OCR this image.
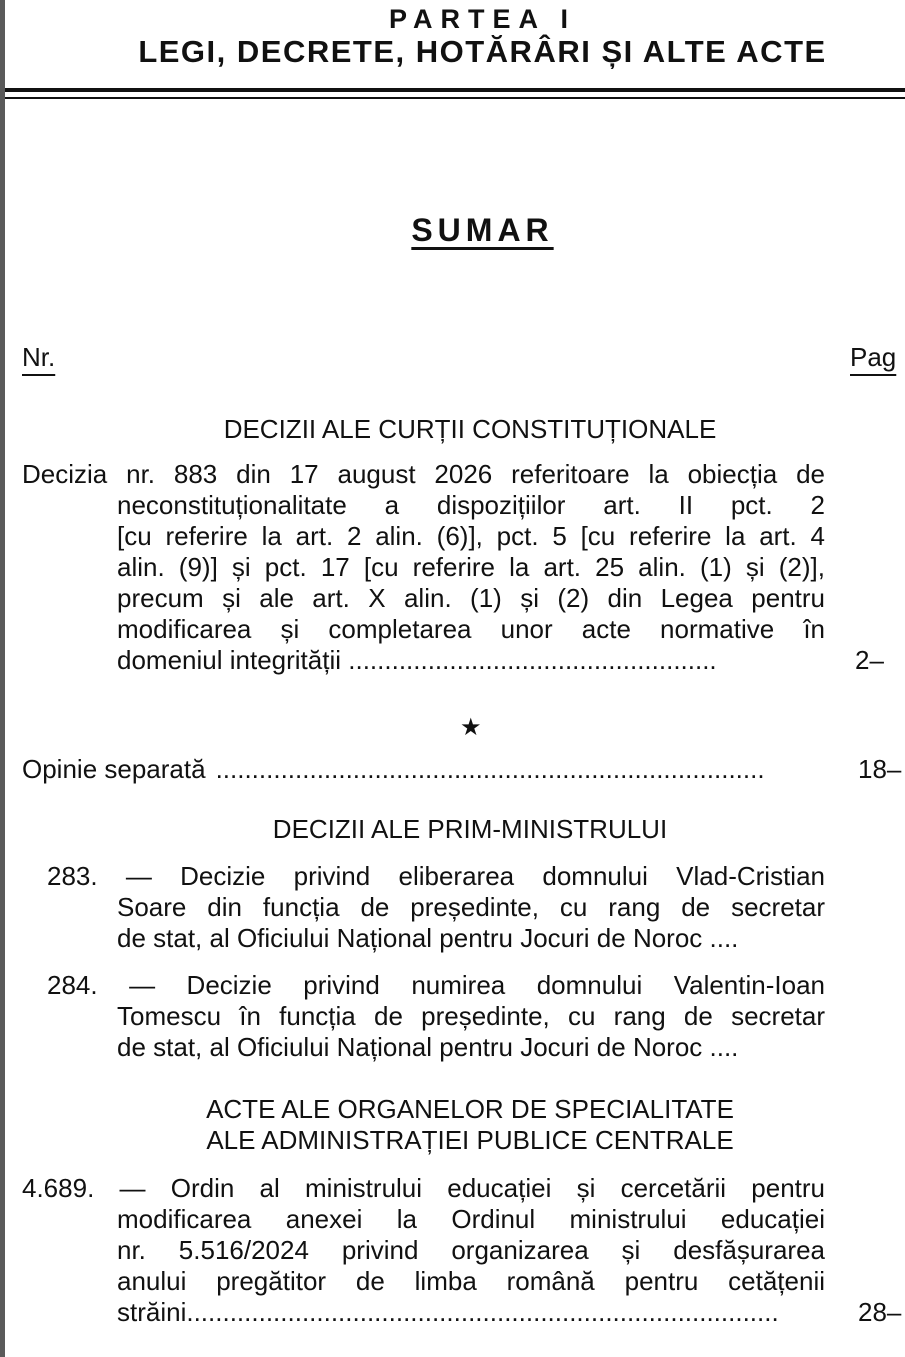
PARTEA I
LEGI, DECRETE, HOTĂRÂRI ȘI ALTE ACTE
SUMAR
Nr.	Pag
DECIZII ALE CURȚII CONSTITUȚIONALE
Decizia nr. 883 din 17 august 2026 referitoare la obiecția de
neconstituționalitate a dispozițiilor art. II pct. 2
[cu referire la art. 2 alin. (6)], pct. 5 [cu referire la art. 4
alin. (9)] și pct. 17 [cu referire la art. 25 alin. (1) și (2)],
precum și ale art. X alin. (1) și (2) din Legea pentru
modificarea și completarea unor acte normative în
domeniul integrității ...................................................	2–
★
Opinie separată ............................................................................	18–
DECIZII ALE PRIM-MINISTRULUI
283. — Decizie privind eliberarea domnului Vlad-Cristian
Soare din funcția de președinte, cu rang de secretar
de stat, al Oficiului Național pentru Jocuri de Noroc ....
284. — Decizie privind numirea domnului Valentin-Ioan
Tomescu în funcția de președinte, cu rang de secretar
de stat, al Oficiului Național pentru Jocuri de Noroc ....
ACTE ALE ORGANELOR DE SPECIALITATE
ALE ADMINISTRAȚIEI PUBLICE CENTRALE
4.689. — Ordin al ministrului educației și cercetării pentru
modificarea anexei la Ordinul ministrului educației
nr. 5.516/2024 privind organizarea și desfășurarea
anului pregătitor de limba română pentru cetățenii
străini..................................................................................	28–
